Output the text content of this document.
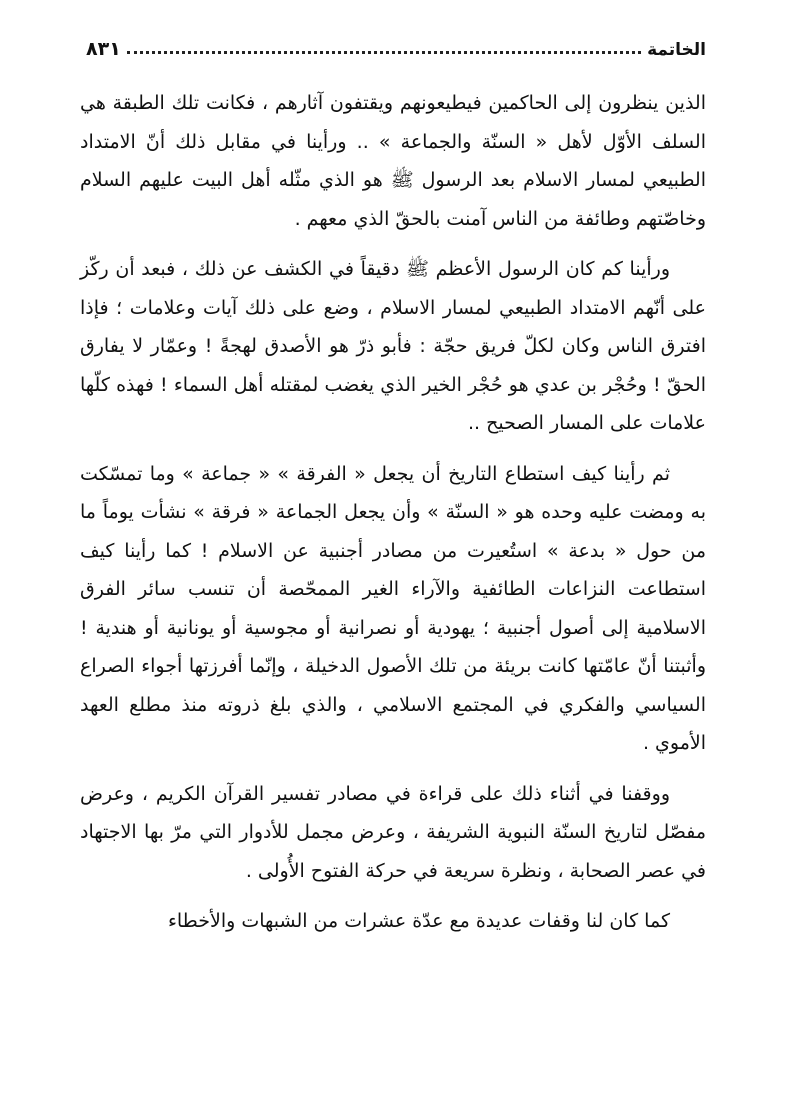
الخاتمة
٨٣١

الذين ينظرون إلى الحاكمين فيطيعونهم ويقتفون آثارهم ، فكانت تلك الطبقة هي السلف الأوّل لأهل « السنّة والجماعة » .. ورأينا في مقابل ذلك أنّ الامتداد الطبيعي لمسار الاسلام بعد الرسول ﷺ هو الذي مثّله أهل البيت عليهم السلام وخاصّتهم وطائفة من الناس آمنت بالحقّ الذي معهم .

ورأينا كم كان الرسول الأعظم ﷺ دقيقاً في الكشف عن ذلك ، فبعد أن ركّز على أنّهم الامتداد الطبيعي لمسار الاسلام ، وضع على ذلك آيات وعلامات ؛ فإذا افترق الناس وكان لكلّ فريق حجّة : فأبو ذرّ هو الأصدق لهجةً ! وعمّار لا يفارق الحقّ ! وحُجْر بن عدي هو حُجْر الخير الذي يغضب لمقتله أهل السماء ! فهذه كلّها علامات على المسار الصحيح ..

ثم رأينا كيف استطاع التاريخ أن يجعل « الفرقة » « جماعة » وما تمسّكت به ومضت عليه وحده هو « السنّة » وأن يجعل الجماعة « فرقة » نشأت يوماً ما من حول « بدعة » استُعيرت من مصادر أجنبية عن الاسلام ! كما رأينا كيف استطاعت النزاعات الطائفية والآراء الغير الممحّصة أن تنسب سائر الفرق الاسلامية إلى أصول أجنبية ؛ يهودية أو نصرانية أو مجوسية أو يونانية أو هندية ! وأثبتنا أنّ عامّتها كانت بريئة من تلك الأصول الدخيلة ، وإنّما أفرزتها أجواء الصراع السياسي والفكري في المجتمع الاسلامي ، والذي بلغ ذروته منذ مطلع العهد الأموي .

ووقفنا في أثناء ذلك على قراءة في مصادر تفسير القرآن الكريم ، وعرض مفصّل لتاريخ السنّة النبوية الشريفة ، وعرض مجمل للأدوار التي مرّ بها الاجتهاد في عصر الصحابة ، ونظرة سريعة في حركة الفتوح الأُولى .

كما كان لنا وقفات عديدة مع عدّة عشرات من الشبهات والأخطاء
